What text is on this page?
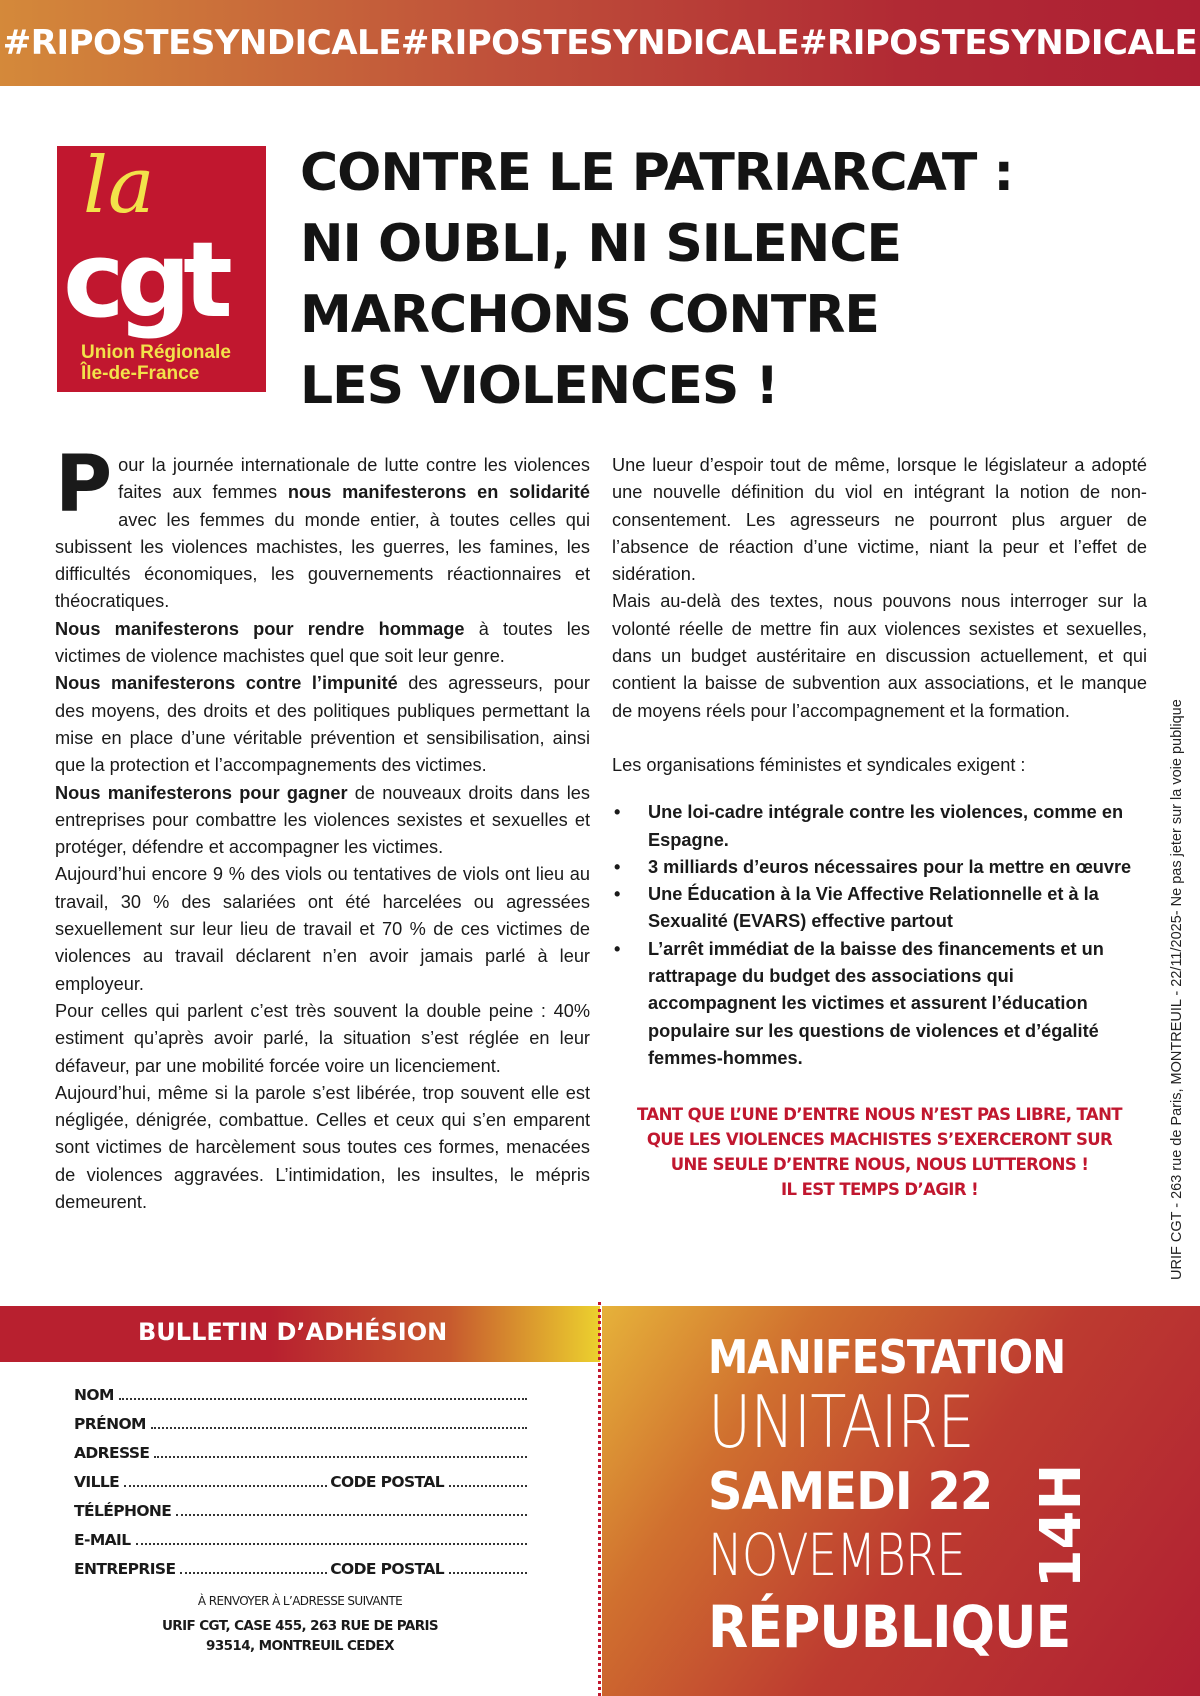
#RIPOSTESYNDICALE#RIPOSTESYNDICALE#RIPOSTESYNDICALE
la
cgt
Union Régionale
Île-de-France
CONTRE LE PATRIARCAT :
NI OUBLI, NI SILENCE
MARCHONS CONTRE
LES VIOLENCES !

Pour la journée internationale de lutte contre les violences faites aux femmes nous manifesterons en solidarité avec les femmes du monde entier, à toutes celles qui subissent les violences machistes, les guerres, les famines, les difficultés économiques, les gouvernements réactionnaires et théocratiques.

Nous manifesterons pour rendre hommage à toutes les victimes de violence machistes quel que soit leur genre.

Nous manifesterons contre l’impunité des agresseurs, pour des moyens, des droits et des politiques publiques permettant la mise en place d’une véritable prévention et sensibilisation, ainsi que la protection et l’accompagnements des victimes.

Nous manifesterons pour gagner de nouveaux droits dans les entreprises pour combattre les violences sexistes et sexuelles et protéger, défendre et accompagner les victimes.

Aujourd’hui encore 9 % des viols ou tentatives de viols ont lieu au travail, 30 % des salariées ont été harcelées ou agressées sexuellement sur leur lieu de travail et 70 % de ces victimes de violences au travail déclarent n’en avoir jamais parlé à leur employeur.

Pour celles qui parlent c’est très souvent la double peine : 40% estiment qu’après avoir parlé, la situation s’est réglée en leur défaveur, par une mobilité forcée voire un licenciement.

Aujourd’hui, même si la parole s’est libérée, trop souvent elle est négligée, dénigrée, combattue. Celles et ceux qui s’en emparent sont victimes de harcèlement sous toutes ces formes, menacées de violences aggravées. L’intimidation, les insultes, le mépris demeurent.

Une lueur d’espoir tout de même, lorsque le législateur a adopté une nouvelle définition du viol en intégrant la notion de non-consentement. Les agresseurs ne pourront plus arguer de l’absence de réaction d’une victime, niant la peur et l’effet de sidération.

Mais au-delà des textes, nous pouvons nous interroger sur la volonté réelle de mettre fin aux violences sexistes et sexuelles, dans un budget austéritaire en discussion actuellement, et qui contient la baisse de subvention aux associations, et le manque de moyens réels pour l’accompagnement et la formation.

Les organisations féministes et syndicales exigent :

• Une loi-cadre intégrale contre les violences, comme en Espagne.
• 3 milliards d’euros nécessaires pour la mettre en œuvre
• Une Éducation à la Vie Affective Relationnelle et à la Sexualité (EVARS) effective partout
• L’arrêt immédiat de la baisse des financements et un rattrapage du budget des associations qui accompagnent les victimes et assurent l’éducation populaire sur les questions de violences et d’égalité femmes-hommes.
TANT QUE L’UNE D’ENTRE NOUS N’EST PAS LIBRE, TANT
QUE LES VIOLENCES MACHISTES S’EXERCERONT SUR
UNE SEULE D’ENTRE NOUS, NOUS LUTTERONS !
IL EST TEMPS D’AGIR !	URIF CGT - 263 rue de Paris, MONTREUIL - 22/11/2025- Ne pas jeter sur la voie publique
BULLETIN D’ADHÉSION
NOM
PRÉNOM
ADRESSE
VILLE	CODE POSTAL
TÉLÉPHONE
E-MAIL
ENTREPRISE	CODE POSTAL
À RENVOYER À L’ADRESSE SUIVANTE
URIF CGT, CASE 455, 263 RUE DE PARIS
93514, MONTREUIL CEDEX
MANIFESTATION
UNITAIRE
SAMEDI 22
NOVEMBRE
RÉPUBLIQUE
14H
